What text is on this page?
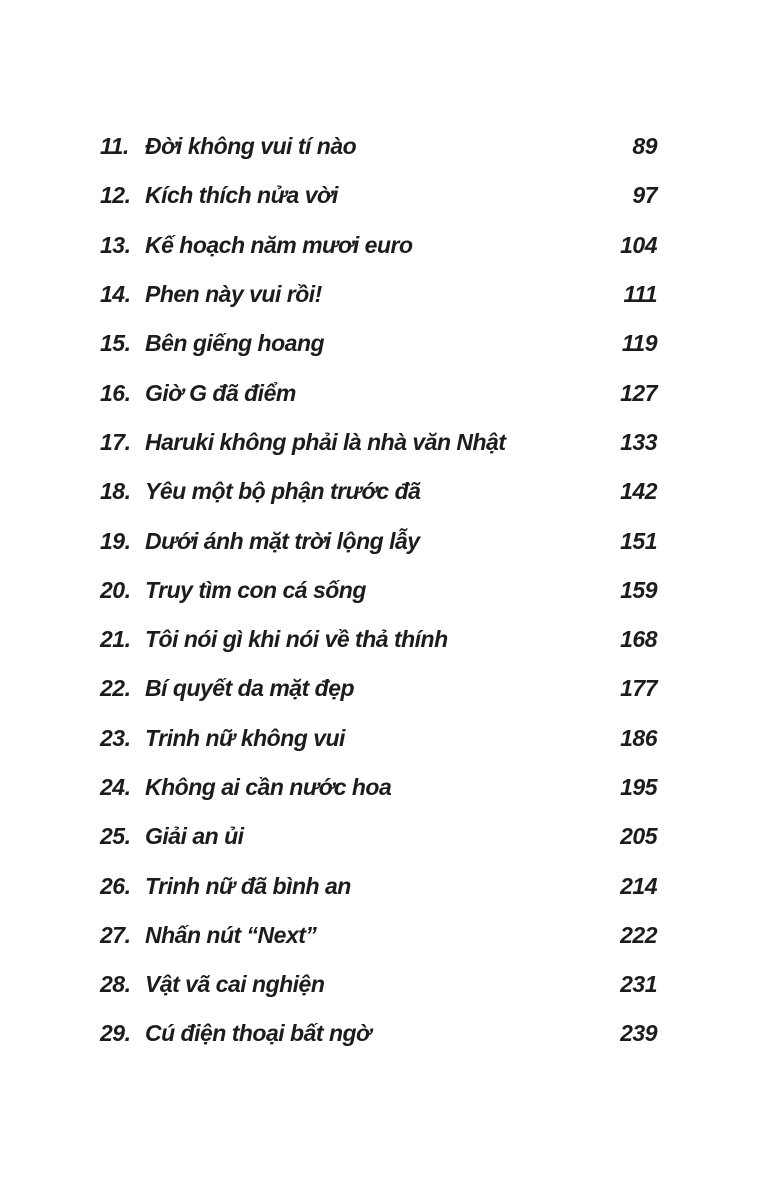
11. Đời không vui tí nào	89
12. Kích thích nửa vời	97
13. Kế hoạch năm mươi euro	104
14. Phen này vui rồi!	111
15. Bên giếng hoang	119
16. Giờ G đã điểm	127
17. Haruki không phải là nhà văn Nhật	133
18. Yêu một bộ phận trước đã	142
19. Dưới ánh mặt trời lộng lẫy	151
20. Truy tìm con cá sống	159
21. Tôi nói gì khi nói về thả thính	168
22. Bí quyết da mặt đẹp	177
23. Trinh nữ không vui	186
24. Không ai cần nước hoa	195
25. Giải an ủi	205
26. Trinh nữ đã bình an	214
27. Nhấn nút “Next”	222
28. Vật vã cai nghiện	231
29. Cú điện thoại bất ngờ	239
